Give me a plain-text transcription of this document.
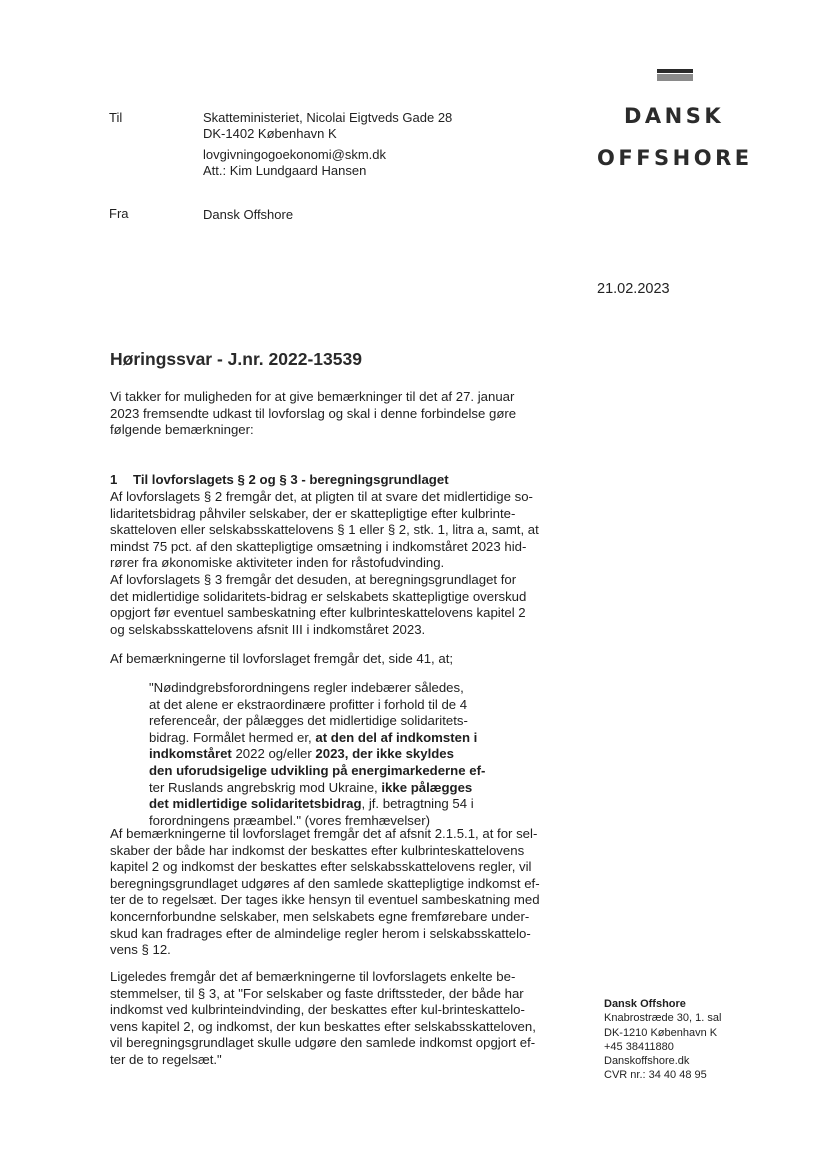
DANSK
OFFSHORE
Til	Skatteministeriet, Nicolai Eigtveds Gade 28
DK-1402 København K
lovgivningogoekonomi@skm.dk
Att.: Kim Lundgaard Hansen
Fra	Dansk Offshore
21.02.2023
Høringssvar - J.nr. 2022-13539
Vi takker for muligheden for at give bemærkninger til det af 27. januar
2023 fremsendte udkast til lovforslag og skal i denne forbindelse gøre
følgende bemærkninger:
1 Til lovforslagets § 2 og § 3 - beregningsgrundlaget
Af lovforslagets § 2 fremgår det, at pligten til at svare det midlertidige so-
lidaritetsbidrag påhviler selskaber, der er skattepligtige efter kulbrinte-
skatteloven eller selskabsskattelovens § 1 eller § 2, stk. 1, litra a, samt, at
mindst 75 pct. af den skattepligtige omsætning i indkomståret 2023 hid-
rører fra økonomiske aktiviteter inden for råstofudvinding.
Af lovforslagets § 3 fremgår det desuden, at beregningsgrundlaget for
det midlertidige solidaritets-bidrag er selskabets skattepligtige overskud
opgjort før eventuel sambeskatning efter kulbrinteskattelovens kapitel 2
og selskabsskattelovens afsnit III i indkomståret 2023.
Af bemærkningerne til lovforslaget fremgår det, side 41, at;
"Nødindgrebsforordningens regler indebærer således,
at det alene er ekstraordinære profitter i forhold til de 4
referenceår, der pålægges det midlertidige solidaritets-
bidrag. Formålet hermed er, at den del af indkomsten i
indkomståret 2022 og/eller 2023, der ikke skyldes
den uforudsigelige udvikling på energimarkederne ef-
ter Ruslands angrebskrig mod Ukraine, ikke pålægges
det midlertidige solidaritetsbidrag, jf. betragtning 54 i
forordningens præambel." (vores fremhævelser)
Af bemærkningerne til lovforslaget fremgår det af afsnit 2.1.5.1, at for sel-
skaber der både har indkomst der beskattes efter kulbrinteskattelovens
kapitel 2 og indkomst der beskattes efter selskabsskattelovens regler, vil
beregningsgrundlaget udgøres af den samlede skattepligtige indkomst ef-
ter de to regelsæt. Der tages ikke hensyn til eventuel sambeskatning med
koncernforbundne selskaber, men selskabets egne fremførebare under-
skud kan fradrages efter de almindelige regler herom i selskabsskattelo-
vens § 12.
Ligeledes fremgår det af bemærkningerne til lovforslagets enkelte be-
stemmelser, til § 3, at "For selskaber og faste driftssteder, der både har
indkomst ved kulbrinteindvinding, der beskattes efter kul-brinteskattelo-
vens kapitel 2, og indkomst, der kun beskattes efter selskabsskatteloven,
vil beregningsgrundlaget skulle udgøre den samlede indkomst opgjort ef-
ter de to regelsæt."
Dansk Offshore
Knabrostræde 30, 1. sal
DK-1210 København K
+45 38411880
Danskoffshore.dk
CVR nr.: 34 40 48 95
